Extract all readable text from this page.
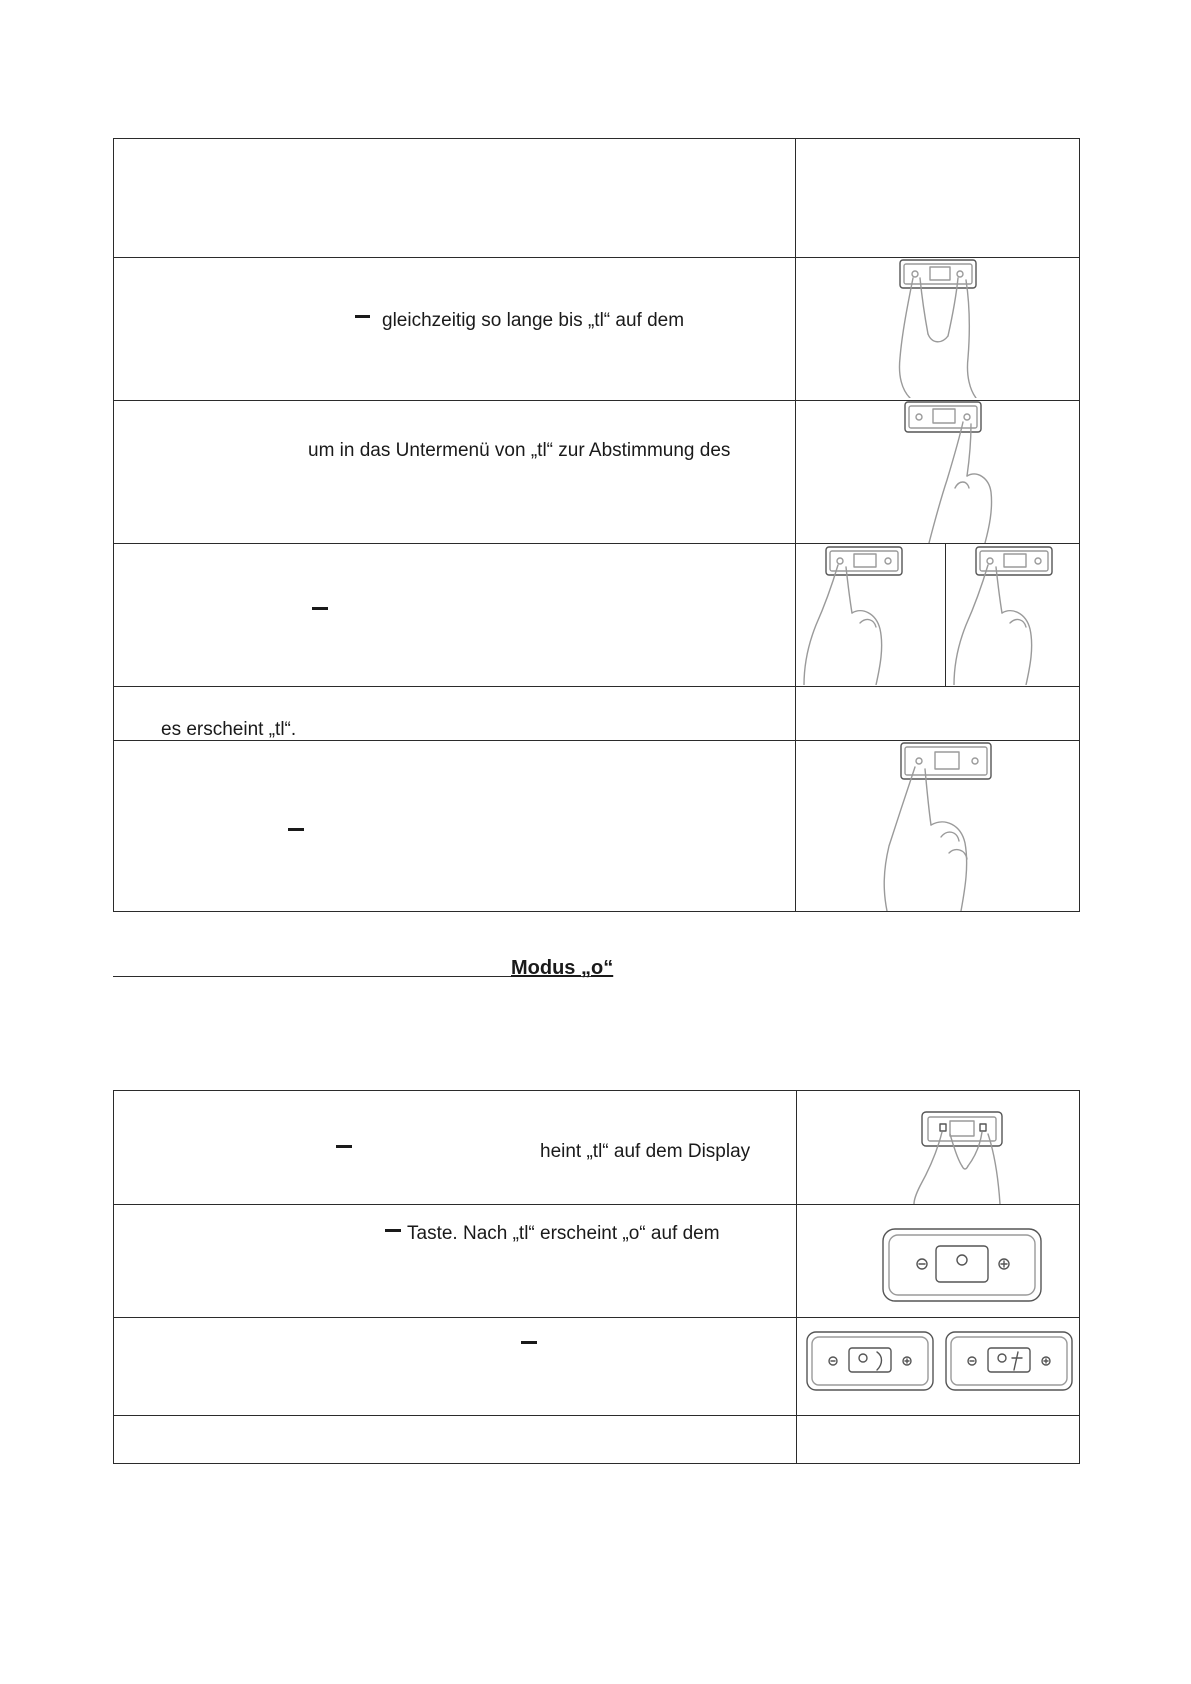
gleichzeitig so lange bis „tl“ auf dem
um in das Untermenü von „tl“ zur Abstimmung des
es erscheint „tl“.
Modus „o“
heint „tl“ auf dem Display
Taste. Nach „tl“ erscheint „o“ auf dem
